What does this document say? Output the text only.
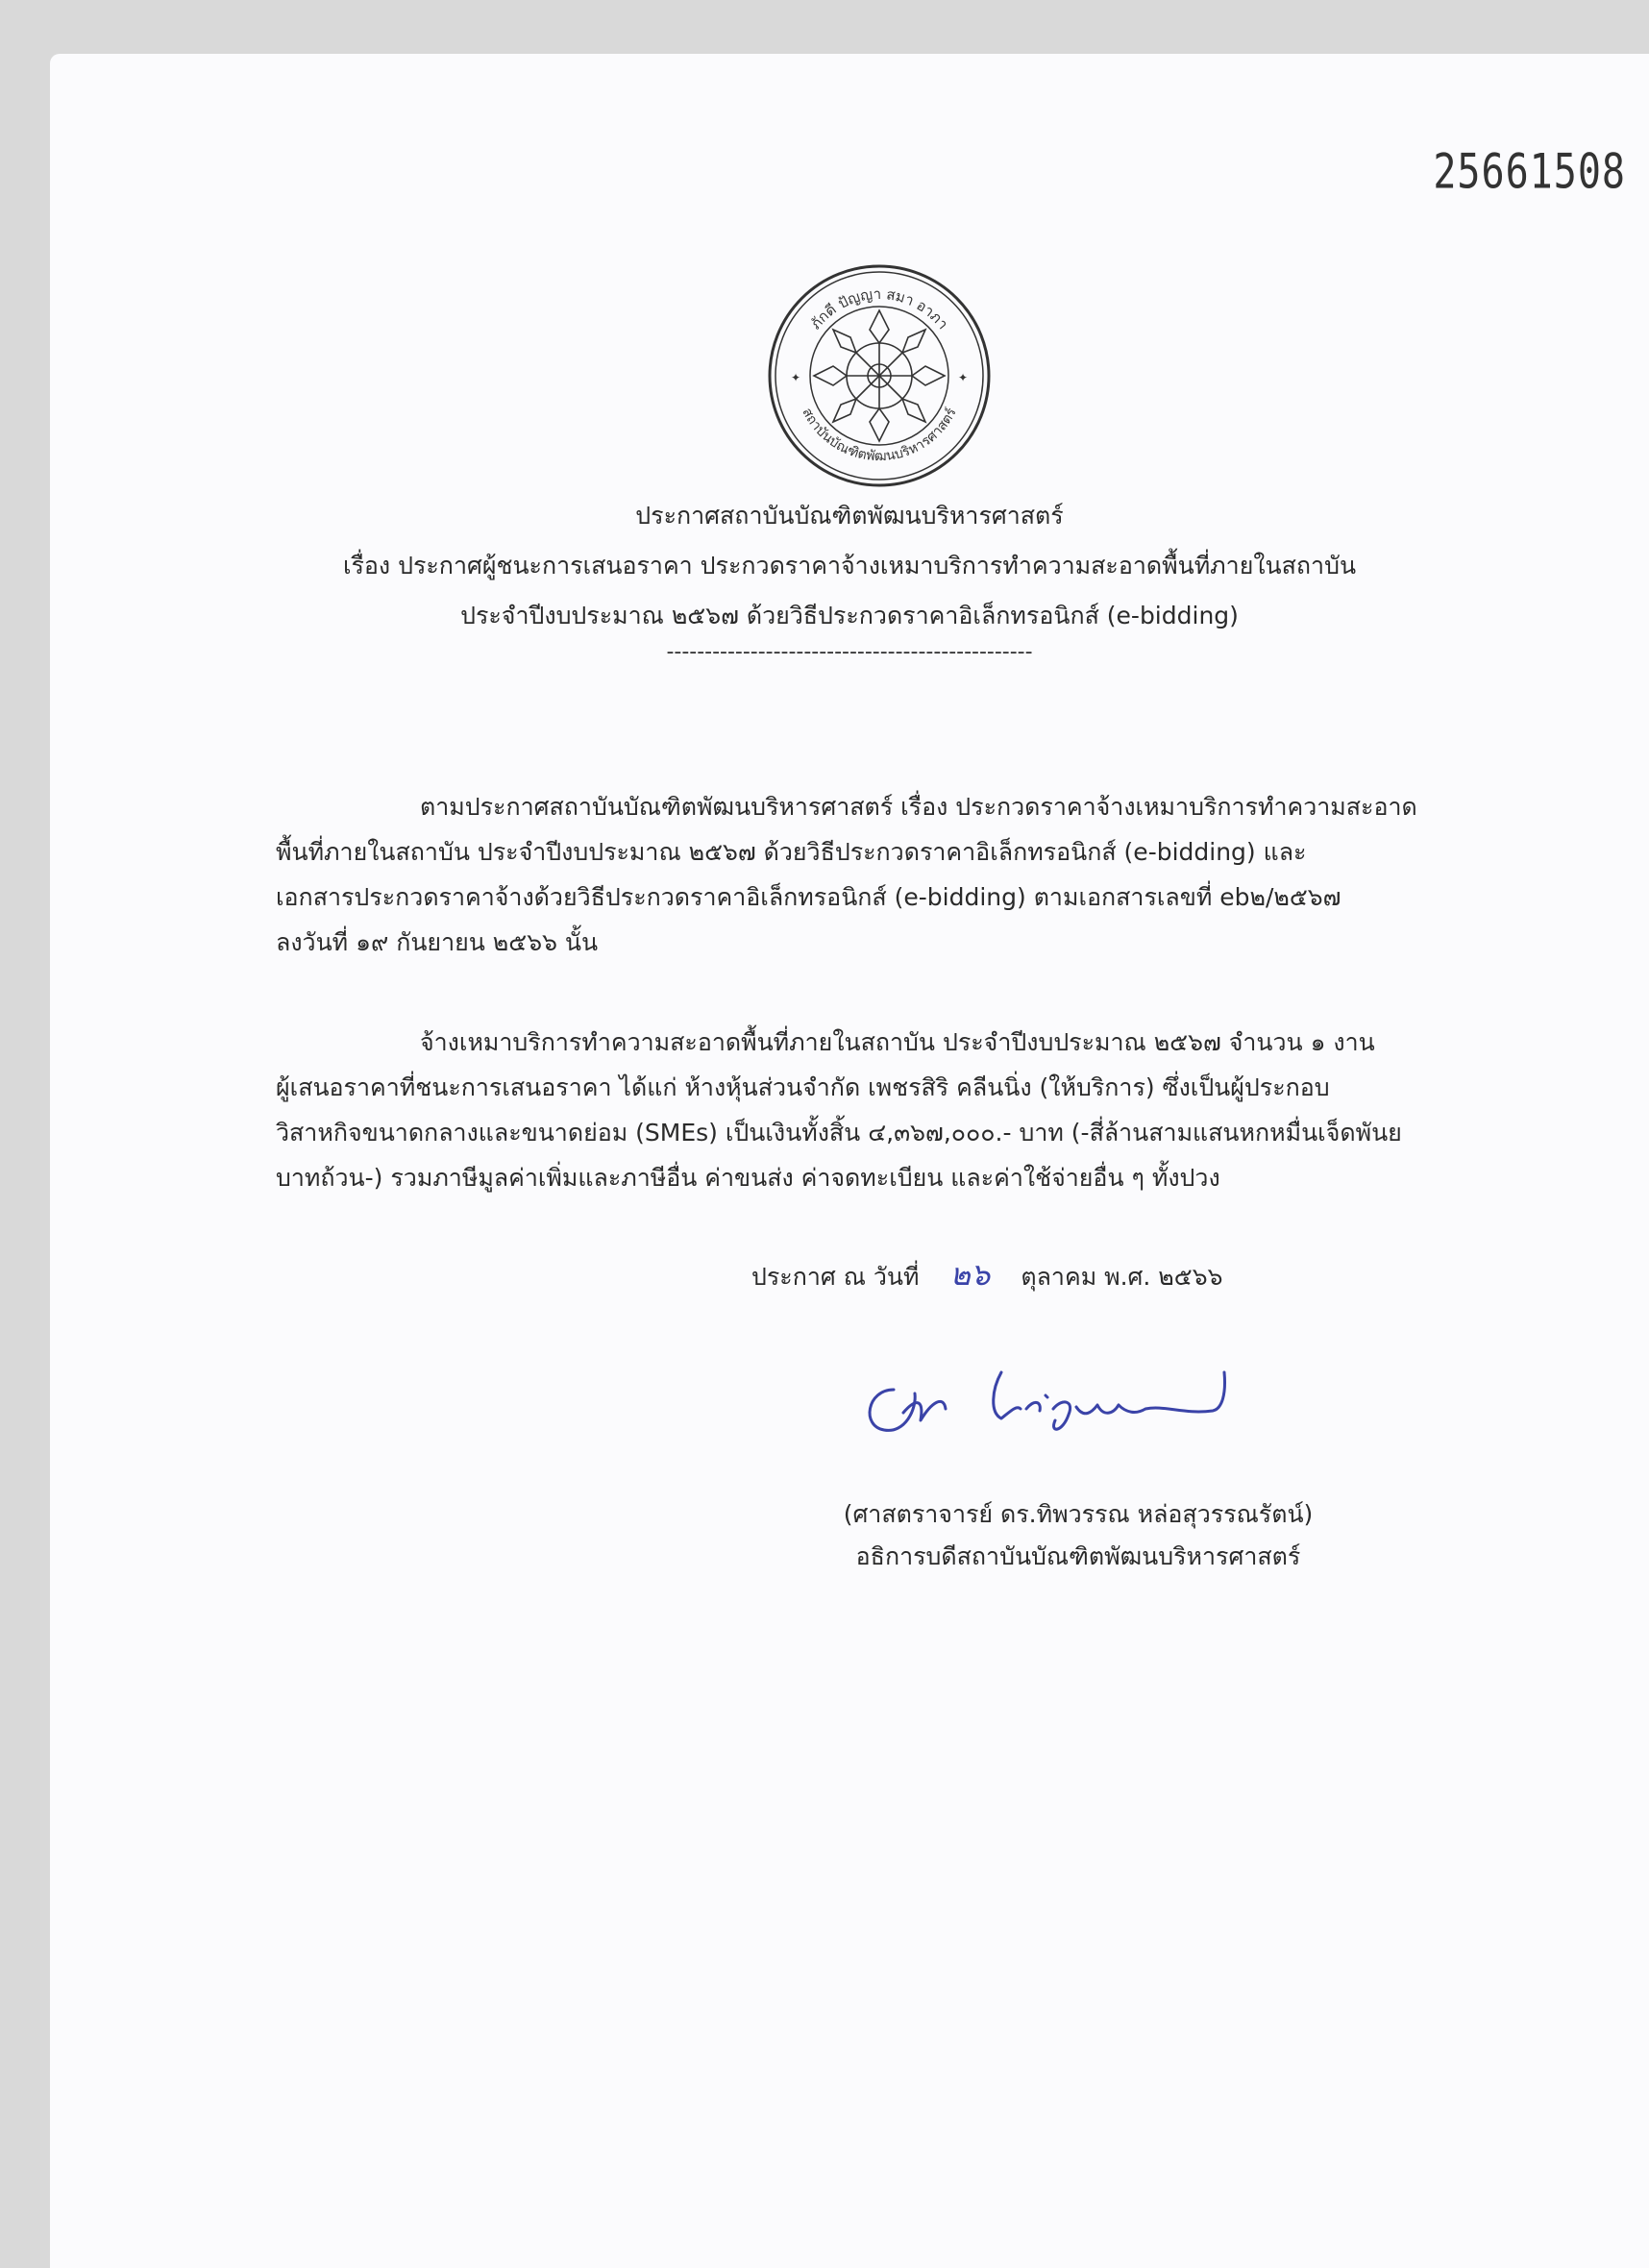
25661508
ภักดี ปัญญา สมา อาภา
สถาบันบัณฑิตพัฒนบริหารศาสตร์
✦	✦
ประกาศสถาบันบัณฑิตพัฒนบริหารศาสตร์
เรื่อง ประกาศผู้ชนะการเสนอราคา ประกวดราคาจ้างเหมาบริการทำความสะอาดพื้นที่ภายในสถาบัน
ประจำปีงบประมาณ ๒๕๖๗ ด้วยวิธีประกวดราคาอิเล็กทรอนิกส์ (e-bidding)
------------------------------------------------
ตามประกาศสถาบันบัณฑิตพัฒนบริหารศาสตร์ เรื่อง ประกวดราคาจ้างเหมาบริการทำความสะอาด
พื้นที่ภายในสถาบัน ประจำปีงบประมาณ ๒๕๖๗ ด้วยวิธีประกวดราคาอิเล็กทรอนิกส์ (e-bidding) และ
เอกสารประกวดราคาจ้างด้วยวิธีประกวดราคาอิเล็กทรอนิกส์ (e-bidding) ตามเอกสารเลขที่ eb๒/๒๕๖๗
ลงวันที่ ๑๙ กันยายน ๒๕๖๖ นั้น
จ้างเหมาบริการทำความสะอาดพื้นที่ภายในสถาบัน ประจำปีงบประมาณ ๒๕๖๗ จำนวน ๑ งาน
ผู้เสนอราคาที่ชนะการเสนอราคา ได้แก่ ห้างหุ้นส่วนจำกัด เพชรสิริ คลีนนิ่ง (ให้บริการ) ซึ่งเป็นผู้ประกอบ
วิสาหกิจขนาดกลางและขนาดย่อม (SMEs) เป็นเงินทั้งสิ้น ๔,๓๖๗,๐๐๐.- บาท (-สี่ล้านสามแสนหกหมื่นเจ็ดพันย
บาทถ้วน-) รวมภาษีมูลค่าเพิ่มและภาษีอื่น ค่าขนส่ง ค่าจดทะเบียน และค่าใช้จ่ายอื่น ๆ ทั้งปวง
ประกาศ ณ วันที่ ๒๖ ตุลาคม พ.ศ. ๒๕๖๖
(ศาสตราจารย์ ดร.ทิพวรรณ หล่อสุวรรณรัตน์)
อธิการบดีสถาบันบัณฑิตพัฒนบริหารศาสตร์
